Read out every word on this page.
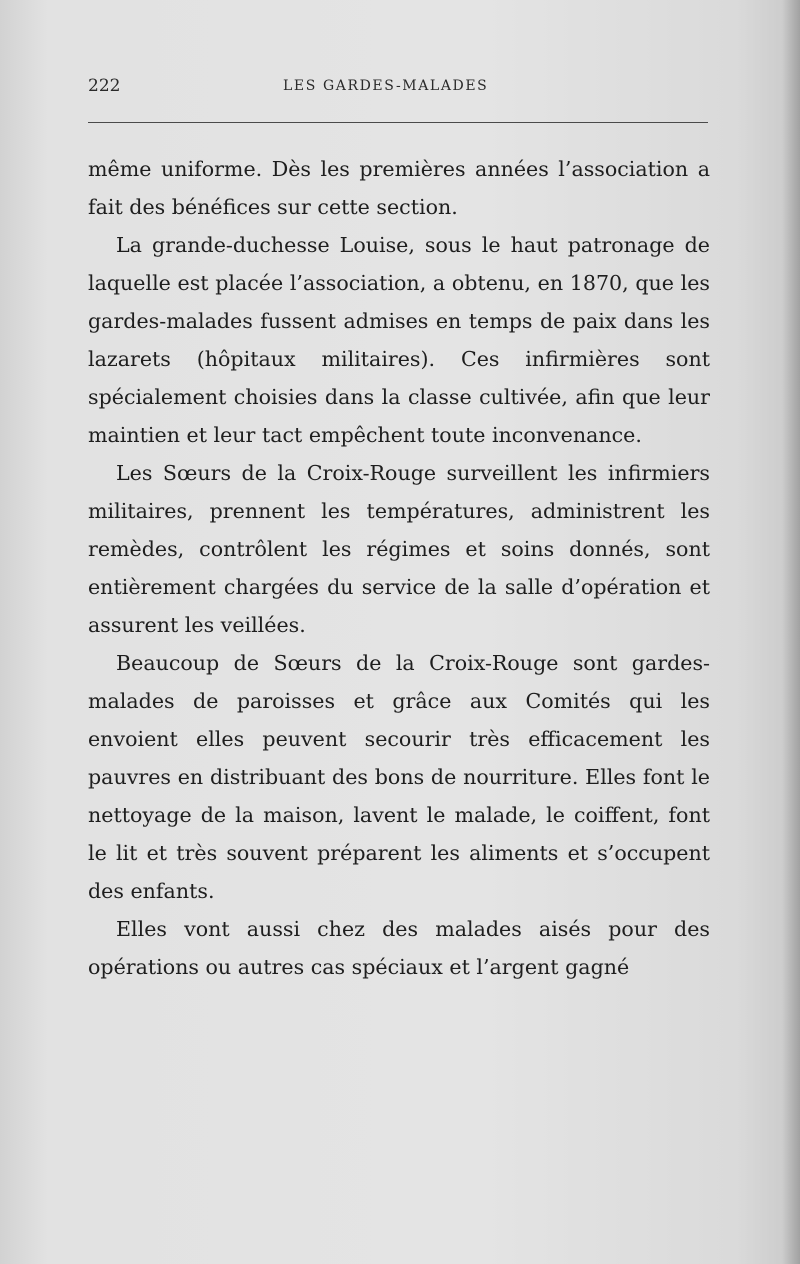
222	LES GARDES-MALADES

même uniforme. Dès les premières années l’association a fait des bénéfices sur cette section.

La grande-duchesse Louise, sous le haut patronage de laquelle est placée l’association, a obtenu, en 1870, que les gardes-malades fussent admises en temps de paix dans les lazarets (hôpitaux militaires). Ces infirmières sont spécialement choisies dans la classe cultivée, afin que leur maintien et leur tact empêchent toute inconvenance.

Les Sœurs de la Croix-Rouge surveillent les infirmiers militaires, prennent les températures, administrent les remèdes, contrôlent les régimes et soins donnés, sont entièrement chargées du service de la salle d’opération et assurent les veillées.

Beaucoup de Sœurs de la Croix-Rouge sont gardes-malades de paroisses et grâce aux Comités qui les envoient elles peuvent secourir très efficacement les pauvres en distribuant des bons de nourriture. Elles font le nettoyage de la maison, lavent le malade, le coiffent, font le lit et très souvent préparent les aliments et s’occupent des enfants.

Elles vont aussi chez des malades aisés pour des opérations ou autres cas spéciaux et l’argent gagné
